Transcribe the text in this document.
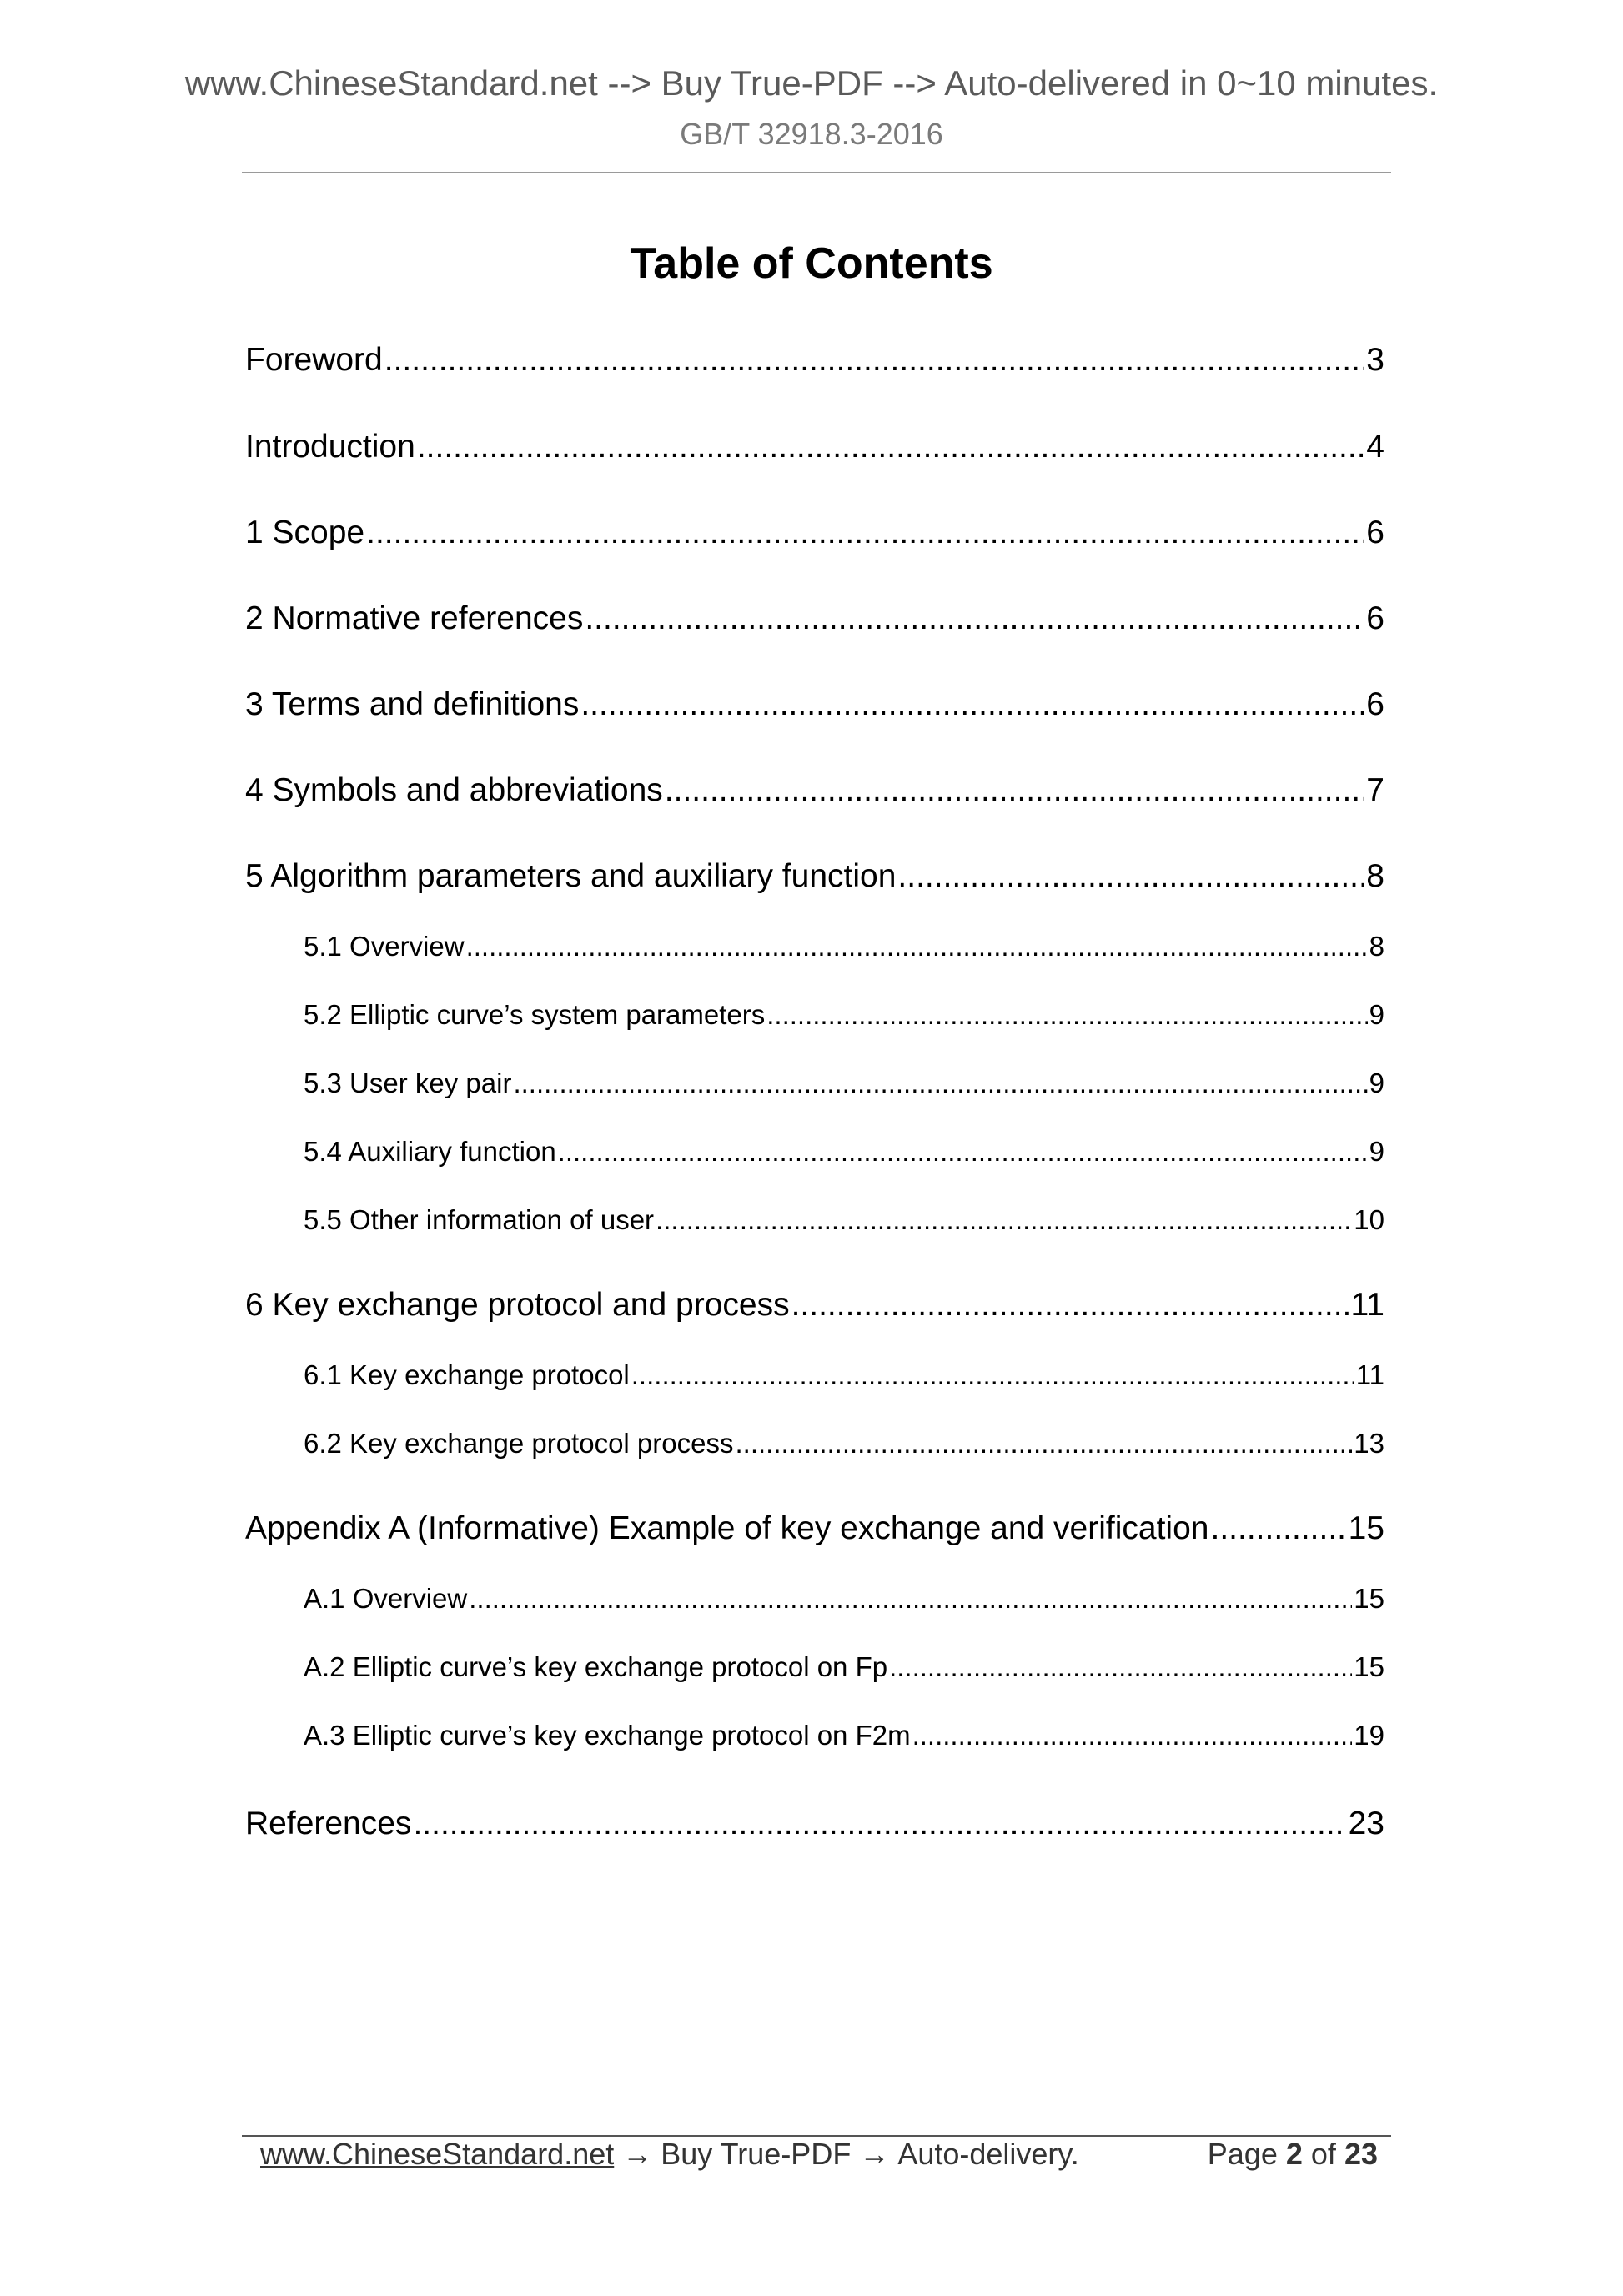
www.ChineseStandard.net --> Buy True-PDF --> Auto-delivered in 0~10 minutes.
GB/T 32918.3-2016
Table of Contents
Foreword .....	3
Introduction .....	4
1 Scope .....	6
2 Normative references .....	6
3 Terms and definitions .....	6
4 Symbols and abbreviations .....	7
5 Algorithm parameters and auxiliary function .....	8
5.1 Overview .....	8
5.2 Elliptic curve’s system parameters .....	9
5.3 User key pair .....	9
5.4 Auxiliary function .....	9
5.5 Other information of user .....	10
6 Key exchange protocol and process .....	11
6.1 Key exchange protocol .....	11
6.2 Key exchange protocol process .....	13
Appendix A (Informative) Example of key exchange and verification .....	15
A.1 Overview .....	15
A.2 Elliptic curve’s key exchange protocol on Fp .....	15
A.3 Elliptic curve’s key exchange protocol on F2m .....	19
References .....	23
www.ChineseStandard.net → Buy True-PDF → Auto-delivery.	Page 2 of 23
